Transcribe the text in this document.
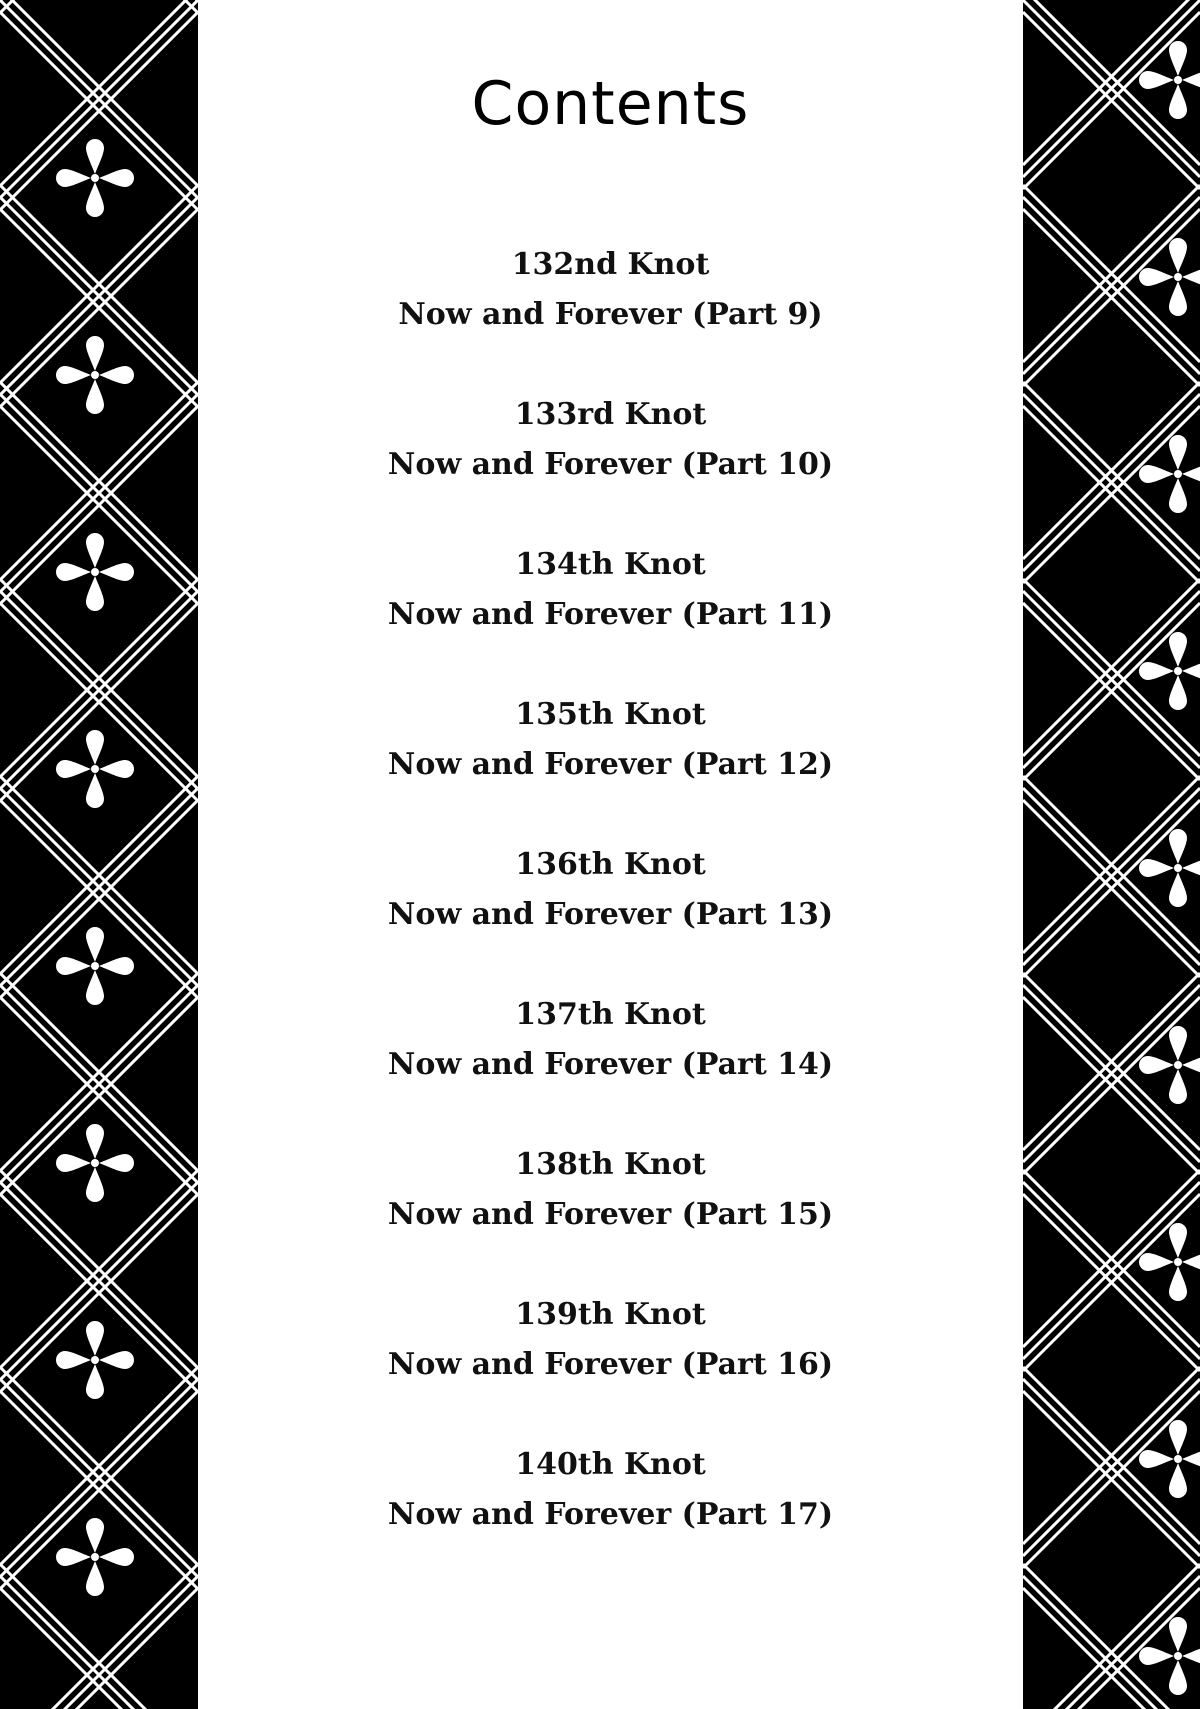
Contents
132nd Knot
Now and Forever (Part 9)
133rd Knot
Now and Forever (Part 10)
134th Knot
Now and Forever (Part 11)
135th Knot
Now and Forever (Part 12)
136th Knot
Now and Forever (Part 13)
137th Knot
Now and Forever (Part 14)
138th Knot
Now and Forever (Part 15)
139th Knot
Now and Forever (Part 16)
140th Knot
Now and Forever (Part 17)
